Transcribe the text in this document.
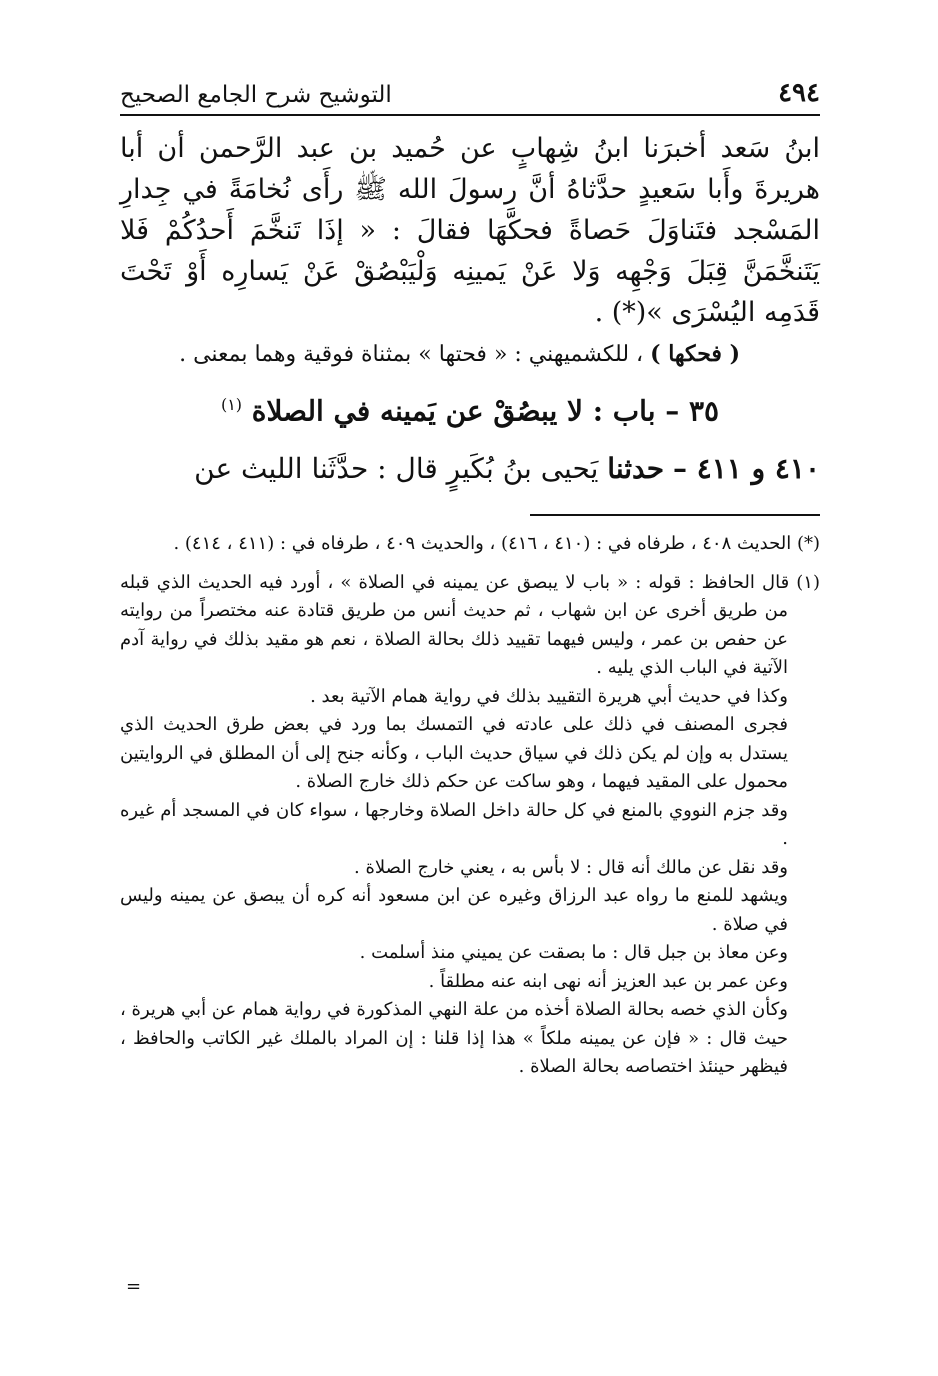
٤٩٤
التوشيح شرح الجامع الصحيح

ابنُ سَعد أخبرَنا ابنُ شِهابٍ عن حُميد بن عبد الرَّحمن أن أبا هريرةَ وأَبا سَعيدٍ حدَّثاهُ أنَّ رسولَ الله ﷺ رأَى نُخامَةً في جِدارِ المَسْجد فتَناوَلَ حَصاةً فحكَّهَا فقالَ : « إذَا تَنخَّمَ أَحدُكُمْ فَلا يَتَنخَّمَنَّ قِبَلَ وَجْهِه وَلا عَنْ يَمينِه وَلْيَبْصُقْ عَنْ يَسارِه أَوْ تَحْتَ قَدَمِه اليُسْرَى »(*) .

( فحكها ) ، للكشميهني : « فحتها » بمثناة فوقية وهما بمعنى .

٣٥ – باب : لا يبصُقْ عن يَمينه في الصلاة $^{(١)}$

٤١٠ و ٤١١ – حدثنا يَحيى بنُ بُكَيرٍ قال : حدَّثَنا الليث عن

(*) الحديث ٤٠٨ ، طرفاه في : (٤١٠ ، ٤١٦) ، والحديث ٤٠٩ ، طرفاه في : (٤١١ ، ٤١٤) .

(١) قال الحافظ : قوله : « باب لا يبصق عن يمينه في الصلاة » ، أورد فيه الحديث الذي قبله من طريق أخرى عن ابن شهاب ، ثم حديث أنس من طريق قتادة عنه مختصراً من روايته عن حفص بن عمر ، وليس فيهما تقييد ذلك بحالة الصلاة ، نعم هو مقيد بذلك في رواية آدم الآتية في الباب الذي يليه .

وكذا في حديث أبي هريرة التقييد بذلك في رواية همام الآتية بعد .

فجرى المصنف في ذلك على عادته في التمسك بما ورد في بعض طرق الحديث الذي يستدل به وإن لم يكن ذلك في سياق حديث الباب ، وكأنه جنح إلى أن المطلق في الروايتين محمول على المقيد فيهما ، وهو ساكت عن حكم ذلك خارج الصلاة .

وقد جزم النووي بالمنع في كل حالة داخل الصلاة وخارجها ، سواء كان في المسجد أم غيره .

وقد نقل عن مالك أنه قال : لا بأس به ، يعني خارج الصلاة .

ويشهد للمنع ما رواه عبد الرزاق وغيره عن ابن مسعود أنه كره أن يبصق عن يمينه وليس في صلاة .

وعن معاذ بن جبل قال : ما بصقت عن يميني منذ أسلمت .

وعن عمر بن عبد العزيز أنه نهى ابنه عنه مطلقاً .

وكأن الذي خصه بحالة الصلاة أخذه من علة النهي المذكورة في رواية همام عن أبي هريرة ، حيث قال : « فإن عن يمينه ملكاً » هذا إذا قلنا : إن المراد بالملك غير الكاتب والحافظ ، فيظهر حينئذ اختصاصه بحالة الصلاة .

=
